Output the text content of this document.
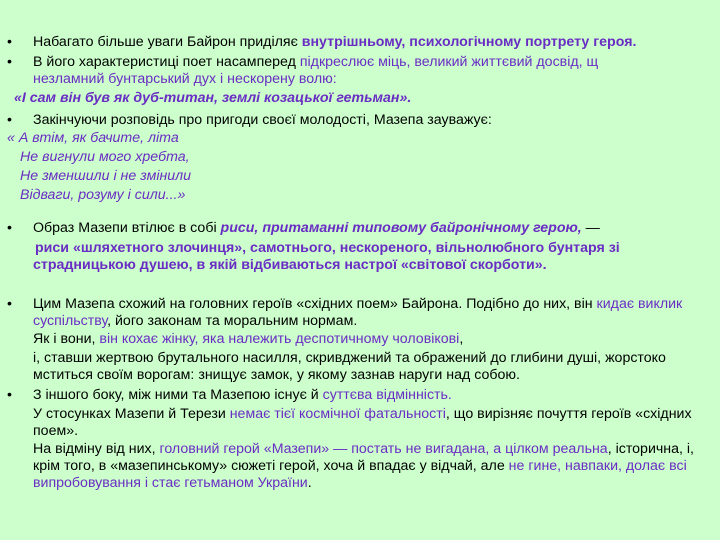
• Набагато більше уваги Байрон приділяє внутрішньому, психологічному портрету героя.
• В його характеристиці поет насамперед підкреслює міць, великий життєвий досвід, щ незламний бунтарський дух і нескорену волю:
«І сам він був як дуб-титан, землі козацької гетьман».
• Закінчуючи розповідь про пригоди своєї молодості, Мазепа зауважує:
« А втім, як бачите, літа
Не вигнули мого хребта,
Не зменшили і не змінили
Відваги, розуму і сили...»
• Образ Мазепи втілює в собі риси, притаманні типовому байронічному герою, —
риси «шляхетного злочинця», самотнього, нескореного, вільнолюбного бунтаря зі страдницькою душею, в якій відбиваються настрої «світової скорботи».
• Цим Мазепа схожий на головних героїв «східних поем» Байрона. Подібно до них, він кидає виклик суспільству, його законам та моральним нормам.
Як і вони, він кохає жінку, яка належить деспотичному чоловікові,
і, ставши жертвою брутального насилля, скривджений та ображений до глибини душі, жорстоко мститься своїм ворогам: знищує замок, у якому зазнав наруги над собою.
• З іншого боку, між ними та Мазепою існує й суттєва відмінність.
У стосунках Мазепи й Терези немає тієї космічної фатальності, що вирізняє почуття героїв «східних поем».
На відміну від них, головний герой «Мазепи» — постать не вигадана, а цілком реальна, історична, і, крім того, в «мазепинському» сюжеті герой, хоча й впадає у відчай, але не гине, навпаки, долає всі випробовування і стає гетьманом України.
